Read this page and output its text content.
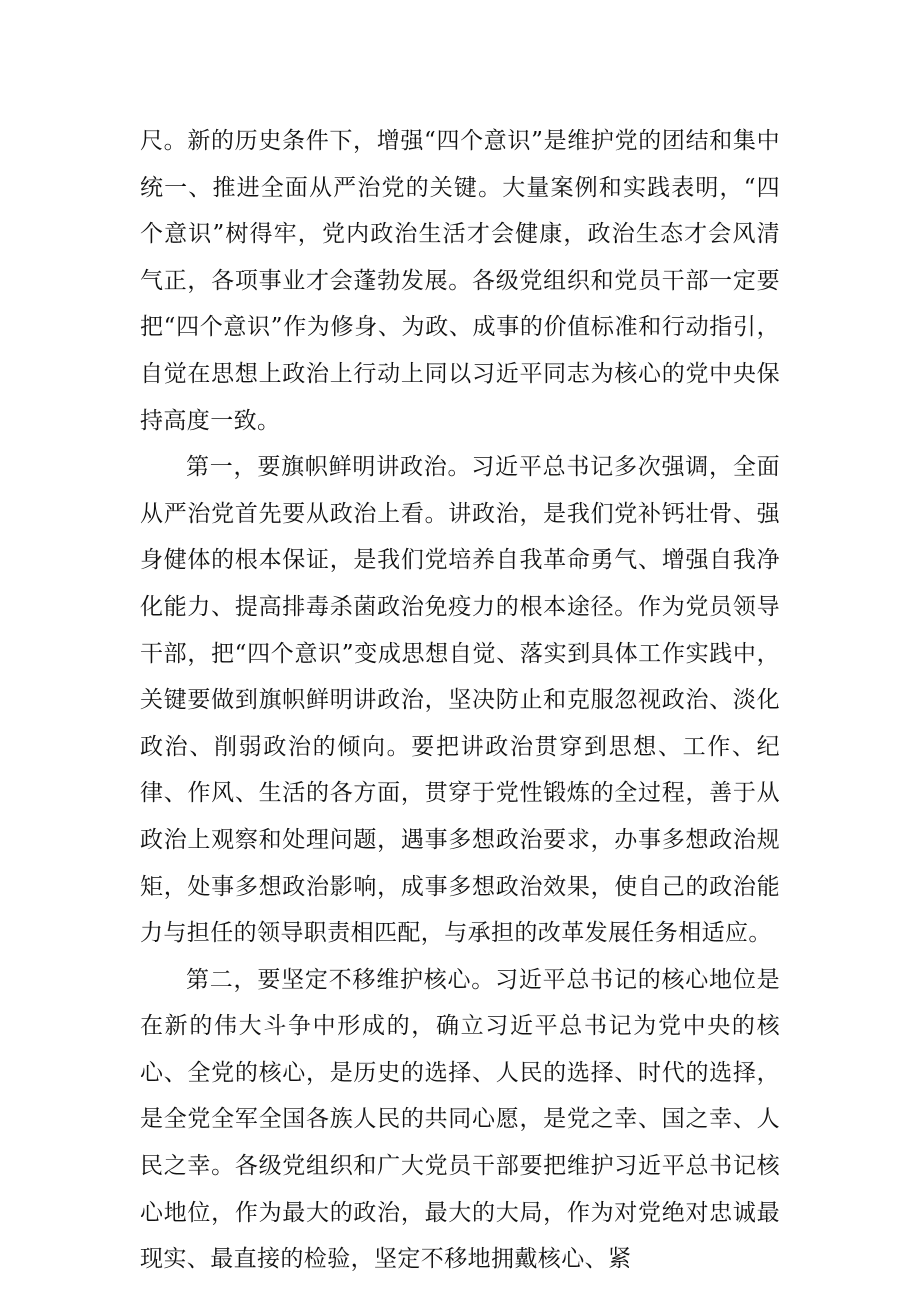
尺。新的历史条件下，增强“四个意识”是维护党的团结和集中统一、推进全面从严治党的关键。大量案例和实践表明，“四个意识”树得牢，党内政治生活才会健康，政治生态才会风清气正，各项事业才会蓬勃发展。各级党组织和党员干部一定要把“四个意识”作为修身、为政、成事的价值标准和行动指引，自觉在思想上政治上行动上同以习近平同志为核心的党中央保持高度一致。

第一，要旗帜鲜明讲政治。习近平总书记多次强调，全面从严治党首先要从政治上看。讲政治，是我们党补钙壮骨、强身健体的根本保证，是我们党培养自我革命勇气、增强自我净化能力、提高排毒杀菌政治免疫力的根本途径。作为党员领导干部，把“四个意识”变成思想自觉、落实到具体工作实践中，关键要做到旗帜鲜明讲政治，坚决防止和克服忽视政治、淡化政治、削弱政治的倾向。要把讲政治贯穿到思想、工作、纪律、作风、生活的各方面，贯穿于党性锻炼的全过程，善于从政治上观察和处理问题，遇事多想政治要求，办事多想政治规矩，处事多想政治影响，成事多想政治效果，使自己的政治能力与担任的领导职责相匹配，与承担的改革发展任务相适应。

第二，要坚定不移维护核心。习近平总书记的核心地位是在新的伟大斗争中形成的，确立习近平总书记为党中央的核心、全党的核心，是历史的选择、人民的选择、时代的选择，是全党全军全国各族人民的共同心愿，是党之幸、国之幸、人民之幸。各级党组织和广大党员干部要把维护习近平总书记核心地位，作为最大的政治，最大的大局，作为对党绝对忠诚最现实、最直接的检验，坚定不移地拥戴核心、紧
